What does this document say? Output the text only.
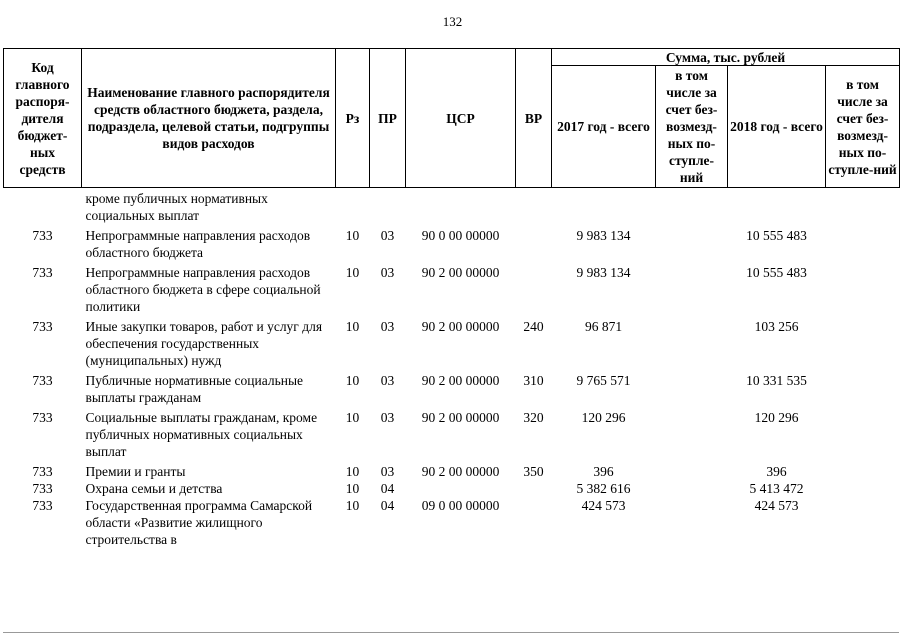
132
Код главного распоря-дителя бюджет-ных средств	Наименование главного распорядителя средств областного бюджета, раздела, подраздела, целевой статьи, подгруппы видов расходов	Рз	ПР	ЦСР	ВР	Сумма, тыс. рублей			
						2017 год - всего	в том числе за счет без-возмезд-ных по-ступле-ний	2018 год - всего	в том числе за счет без-возмезд-ных по-ступле-ний
	кроме публичных нормативных социальных выплат								
733	Непрограммные направления расходов областного бюджета	10	03	90 0 00 00000		9 983 134		10 555 483	
733	Непрограммные направления расходов областного бюджета в сфере социальной политики	10	03	90 2 00 00000		9 983 134		10 555 483	
733	Иные закупки товаров, работ и услуг для обеспечения государственных (муниципальных) нужд	10	03	90 2 00 00000	240	96 871		103 256	
733	Публичные нормативные социальные выплаты гражданам	10	03	90 2 00 00000	310	9 765 571		10 331 535	
733	Социальные выплаты гражданам, кроме публичных нормативных социальных выплат	10	03	90 2 00 00000	320	120 296		120 296	
733	Премии и гранты	10	03	90 2 00 00000	350	396		396	
733	Охрана семьи и детства	10	04			5 382 616		5 413 472	
733	Государственная программа Самарской области «Развитие жилищного строительства в	10	04	09 0 00 00000		424 573		424 573	
